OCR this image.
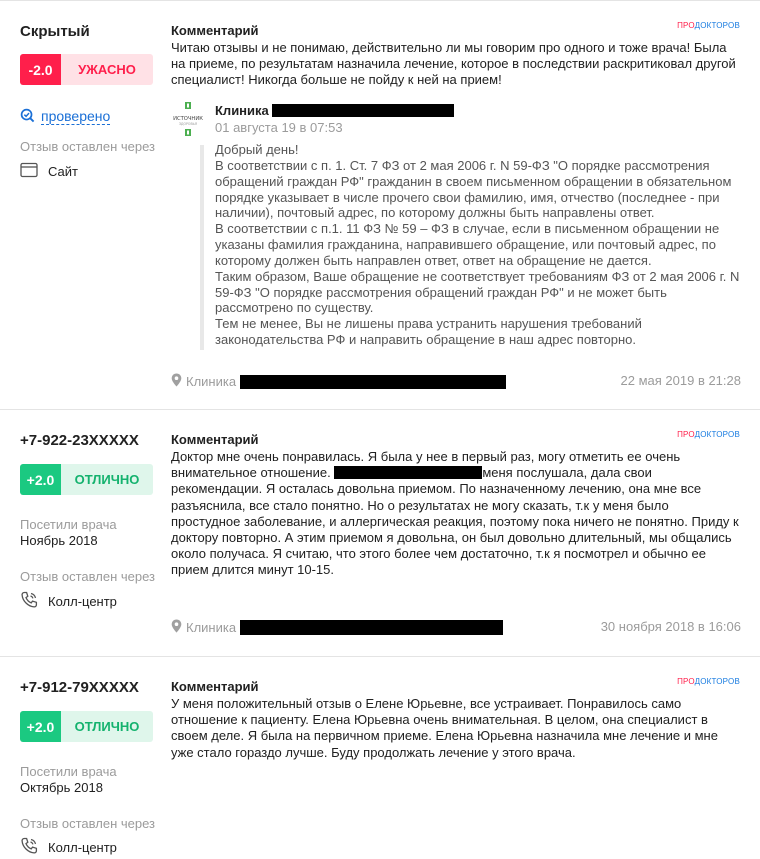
Скрытый
-2.0	УЖАСНО
проверено
Отзыв оставлен через
Сайт
Комментарий	ПРОДОКТОРОВ
Читаю отзывы и не понимаю, действительно ли мы говорим про одного и тоже врача! Была на приеме, по результатам назначила лечение, которое в последствии раскритиковал другой специалист! Никогда больше не пойду к ней на прием!
ИСТОЧНИК
ЗДОРОВЬЯ
Клиника
01 августа 19 в 07:53
Добрый день!
В соответствии с п. 1. Ст. 7 ФЗ от 2 мая 2006 г. N 59-ФЗ "О порядке рассмотрения обращений граждан РФ" гражданин в своем письменном обращении в обязательном порядке указывает в числе прочего свои фамилию, имя, отчество (последнее - при наличии), почтовый адрес, по которому должны быть направлены ответ.
В соответствии с п.1. 11 ФЗ № 59 – ФЗ в случае, если в письменном обращении не указаны фамилия гражданина, направившего обращение, или почтовый адрес, по которому должен быть направлен ответ, ответ на обращение не дается.
Таким образом, Ваше обращение не соответствует требованиям ФЗ от 2 мая 2006 г. N 59-ФЗ "О порядке рассмотрения обращений граждан РФ" и не может быть рассмотрено по существу.
Тем не менее, Вы не лишены права устранить нарушения требований законодательства РФ и направить обращение в наш адрес повторно.
Клиника	22 мая 2019 в 21:28
+7-922-23XXXXX
+2.0	ОТЛИЧНО
Посетили врача
Ноябрь 2018
Отзыв оставлен через
Колл-центр
Комментарий	ПРОДОКТОРОВ
Доктор мне очень понравилась. Я была у нее в первый раз, могу отметить ее очень внимательное отношение.	меня послушала, дала свои рекомендации. Я осталась довольна приемом. По назначенному лечению, она мне все разъяснила, все стало понятно. Но о результатах не могу сказать, т.к у меня было простудное заболевание, и аллергическая реакция, поэтому пока ничего не понятно. Приду к доктору повторно. А этим приемом я довольна, он был довольно длительный, мы общались около получаса. Я считаю, что этого более чем достаточно, т.к я посмотрел и обычно ее прием длится минут 10-15.
Клиника	30 ноября 2018 в 16:06
+7-912-79XXXXX
+2.0	ОТЛИЧНО
Посетили врача
Октябрь 2018
Отзыв оставлен через
Колл-центр
Комментарий	ПРОДОКТОРОВ
У меня положительный отзыв о Елене Юрьевне, все устраивает. Понравилось само отношение к пациенту. Елена Юрьевна очень внимательная. В целом, она специалист в своем деле. Я была на первичном приеме. Елена Юрьевна назначила мне лечение и мне уже стало гораздо лучше. Буду продолжать лечение у этого врача.
